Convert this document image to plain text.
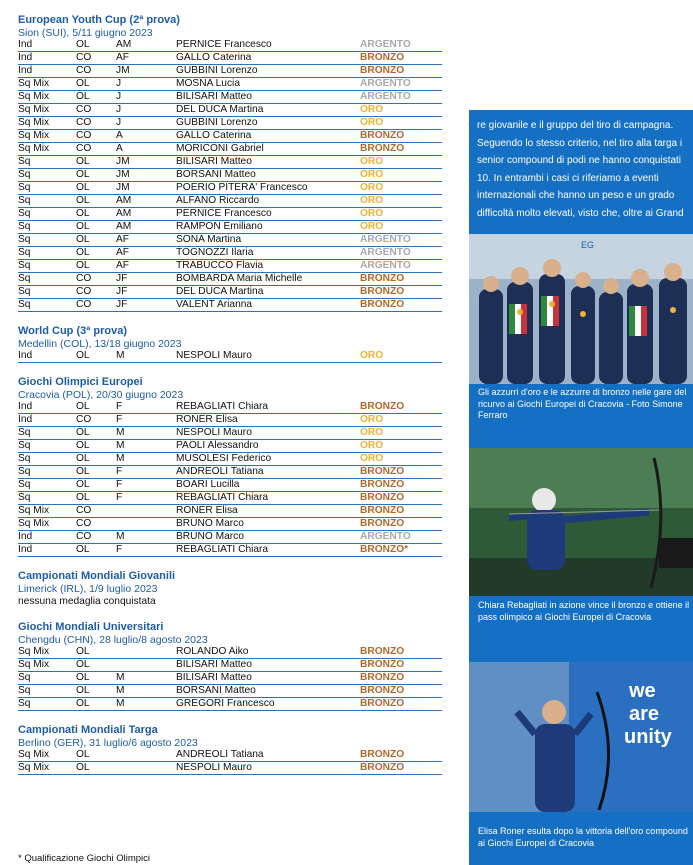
European Youth Cup (2ª prova)
Sion (SUI), 5/11 giugno 2023
Ind	OL	AM	PERNICE Francesco	ARGENTO
Ind	CO	AF	GALLO Caterina	BRONZO
Ind	CO	JM	GUBBINI Lorenzo	BRONZO
Sq Mix	OL	J	MOSNA Lucia	ARGENTO
Sq Mix	OL	J	BILISARI Matteo	ARGENTO
Sq Mix	CO	J	DEL DUCA Martina	ORO
Sq Mix	CO	J	GUBBINI Lorenzo	ORO
Sq Mix	CO	A	GALLO Caterina	BRONZO
Sq Mix	CO	A	MORICONI Gabriel	BRONZO
Sq	OL	JM	BILISARI Matteo	ORO
Sq	OL	JM	BORSANI Matteo	ORO
Sq	OL	JM	POERIO PITERA' Francesco	ORO
Sq	OL	AM	ALFANO Riccardo	ORO
Sq	OL	AM	PERNICE Francesco	ORO
Sq	OL	AM	RAMPON Emiliano	ORO
Sq	OL	AF	SONA Martina	ARGENTO
Sq	OL	AF	TOGNOZZI Ilaria	ARGENTO
Sq	OL	AF	TRABUCCO Flavia	ARGENTO
Sq	CO	JF	BOMBARDA Maria Michelle	BRONZO
Sq	CO	JF	DEL DUCA Martina	BRONZO
Sq	CO	JF	VALENT Arianna	BRONZO
World Cup (3ª prova)
Medellin (COL), 13/18 giugno 2023
Ind	OL	M	NESPOLI Mauro	ORO
Giochi Olimpici Europei
Cracovia (POL), 20/30 giugno 2023
Ind	OL	F	REBAGLIATI Chiara	BRONZO
Ind	CO	F	RONER Elisa	ORO
Sq	OL	M	NESPOLI Mauro	ORO
Sq	OL	M	PAOLI Alessandro	ORO
Sq	OL	M	MUSOLESI Federico	ORO
Sq	OL	F	ANDREOLI Tatiana	BRONZO
Sq	OL	F	BOARI Lucilla	BRONZO
Sq	OL	F	REBAGLIATI Chiara	BRONZO
Sq Mix	CO		RONER Elisa	BRONZO
Sq Mix	CO		BRUNO Marco	BRONZO
Ind	CO	M	BRUNO Marco	ARGENTO
Ind	OL	F	REBAGLIATI Chiara	BRONZO*
Campionati Mondiali Giovanili
Limerick (IRL), 1/9 luglio 2023
nessuna medaglia conquistata
Giochi Mondiali Universitari
Chengdu (CHN), 28 luglio/8 agosto 2023
Sq Mix	OL		ROLANDO Aiko	BRONZO
Sq Mix	OL		BILISARI Matteo	BRONZO
Sq	OL	M	BILISARI Matteo	BRONZO
Sq	OL	M	BORSANI Matteo	BRONZO
Sq	OL	M	GREGORI Francesco	BRONZO
Campionati Mondiali Targa
Berlino (GER), 31 luglio/6 agosto 2023
Sq Mix	OL		ANDREOLI Tatiana	BRONZO
Sq Mix	OL		NESPOLI Mauro	BRONZO
* Qualificazione Giochi Olimpici
re giovanile e il gruppo del tiro di campagna. Seguendo lo stesso criterio, nel tiro alla targa i senior compound di podi ne hanno conquistati 10. In entrambi i casi ci riferiamo a eventi internazionali che hanno un peso e un grado difficoltà molto elevati, visto che, oltre ai Grand
EG
Gli azzurri d'oro e le azzurre di bronzo nelle gare del ricurvo ai Giochi Europei di Cracovia - Foto Simone Ferraro
Chiara Rebagliati in azione vince il bronzo e ottiene il pass olimpico ai Giochi Europei di Cracovia
we
are
unity
Elisa Roner esulta dopo la vittoria dell'oro compound ai Giochi Europei di Cracovia
